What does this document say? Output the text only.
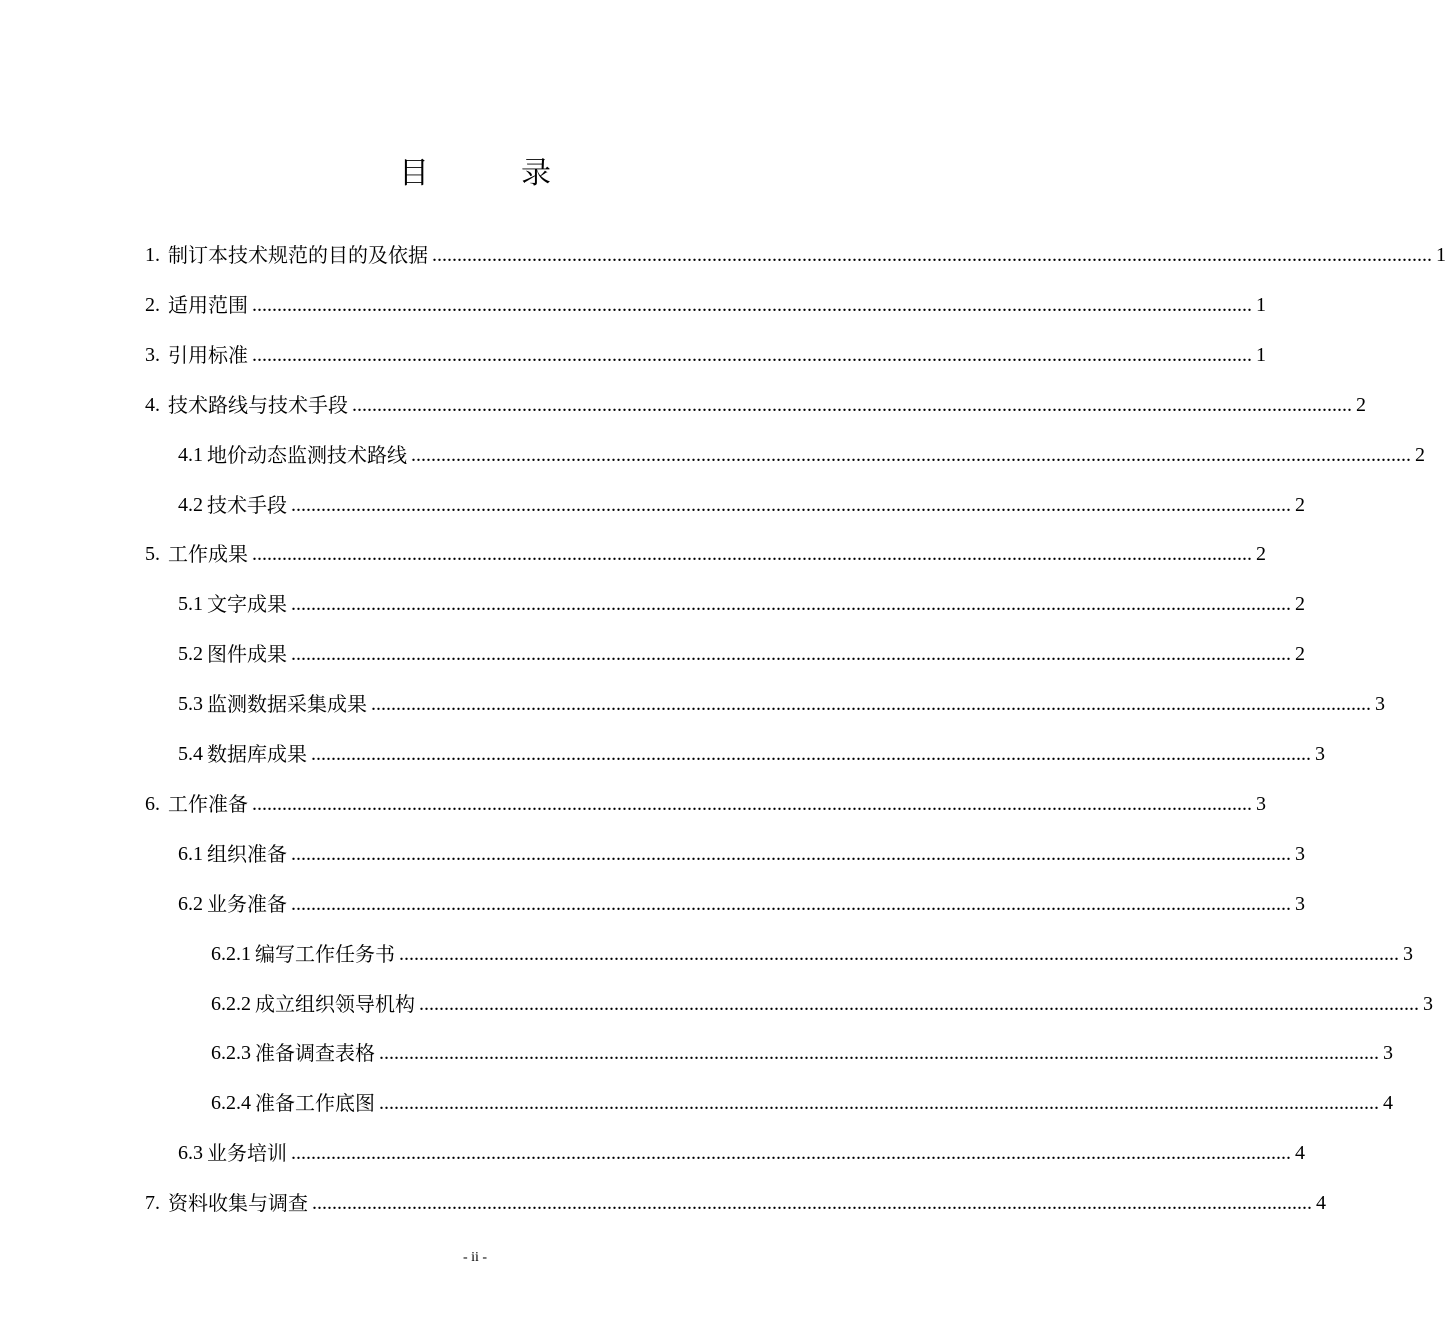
目	录
1. 制订本技术规范的目的及依据 ........................................................................................................................................................................................................ 1
2. 适用范围 ........................................................................................................................................................................................................ 1
3. 引用标准 ........................................................................................................................................................................................................ 1
4. 技术路线与技术手段 ........................................................................................................................................................................................................ 2
4.1 地价动态监测技术路线 ........................................................................................................................................................................................................ 2
4.2 技术手段 ........................................................................................................................................................................................................ 2
5. 工作成果 ........................................................................................................................................................................................................ 2
5.1 文字成果 ........................................................................................................................................................................................................ 2
5.2 图件成果 ........................................................................................................................................................................................................ 2
5.3 监测数据采集成果 ........................................................................................................................................................................................................ 3
5.4 数据库成果 ........................................................................................................................................................................................................ 3
6. 工作准备 ........................................................................................................................................................................................................ 3
6.1 组织准备 ........................................................................................................................................................................................................ 3
6.2 业务准备 ........................................................................................................................................................................................................ 3
6.2.1 编写工作任务书 ........................................................................................................................................................................................................ 3
6.2.2 成立组织领导机构 ........................................................................................................................................................................................................ 3
6.2.3 准备调查表格 ........................................................................................................................................................................................................ 3
6.2.4 准备工作底图 ........................................................................................................................................................................................................ 4
6.3 业务培训 ........................................................................................................................................................................................................ 4
7. 资料收集与调查 ........................................................................................................................................................................................................ 4
- ii -
